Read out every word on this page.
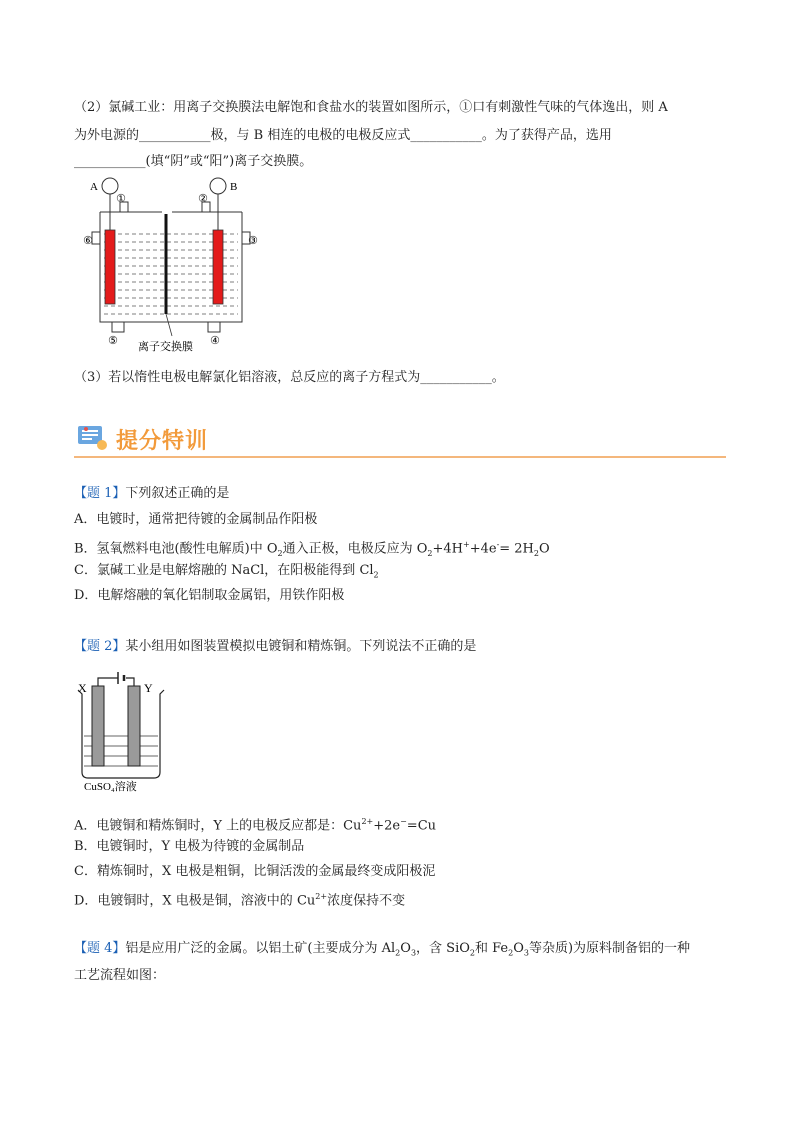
（2）氯碱工业：用离子交换膜法电解饱和食盐水的装置如图所示，①口有刺激性气味的气体逸出，则 A
为外电源的___________极，与 B 相连的电极的电极反应式___________。为了获得产品，选用
___________(填“阴”或“阳”)离子交换膜。
A	B
①	②
⑥	③
⑤	④
离子交换膜
（3）若以惰性电极电解氯化铝溶液，总反应的离子方程式为___________。
提分特训
【题 1】下列叙述正确的是
A．电镀时，通常把待镀的金属制品作阳极
B．氢氧燃料电池(酸性电解质)中 $O_2$通入正极，电极反应为 $O_2+4H^++4e^-= 2H_2O$
C．氯碱工业是电解熔融的 NaCl，在阳极能得到 $Cl_2$
D．电解熔融的氧化铝制取金属铝，用铁作阳极
【题 2】某小组用如图装置模拟电镀铜和精炼铜。下列说法不正确的是
X	Y
CuSO₄溶液
A．电镀铜和精炼铜时，Y 上的电极反应都是：$Cu^{2+}+2e^-=Cu$
B．电镀铜时，Y 电极为待镀的金属制品
C．精炼铜时，X 电极是粗铜，比铜活泼的金属最终变成阳极泥
D．电镀铜时，X 电极是铜，溶液中的 $Cu^{2+}$浓度保持不变
【题 4】铝是应用广泛的金属。以铝土矿(主要成分为 $Al_2O_3$，含 SiO$_2$和 $Fe_2O_3$等杂质)为原料制备铝的一种
工艺流程如图：
